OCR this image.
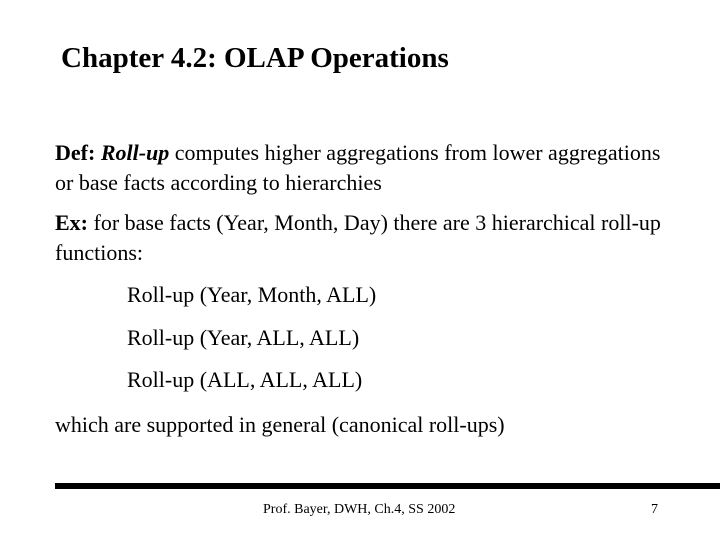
Chapter 4.2: OLAP Operations
Def: Roll-up computes higher aggregations from lower aggregations or base facts according to hierarchies
Ex: for base facts (Year, Month, Day) there are 3 hierarchical roll-up functions:
Roll-up (Year, Month, ALL)
Roll-up (Year, ALL, ALL)
Roll-up (ALL, ALL, ALL)
which are supported in general (canonical roll-ups)
Prof. Bayer, DWH, Ch.4, SS 2002	7
